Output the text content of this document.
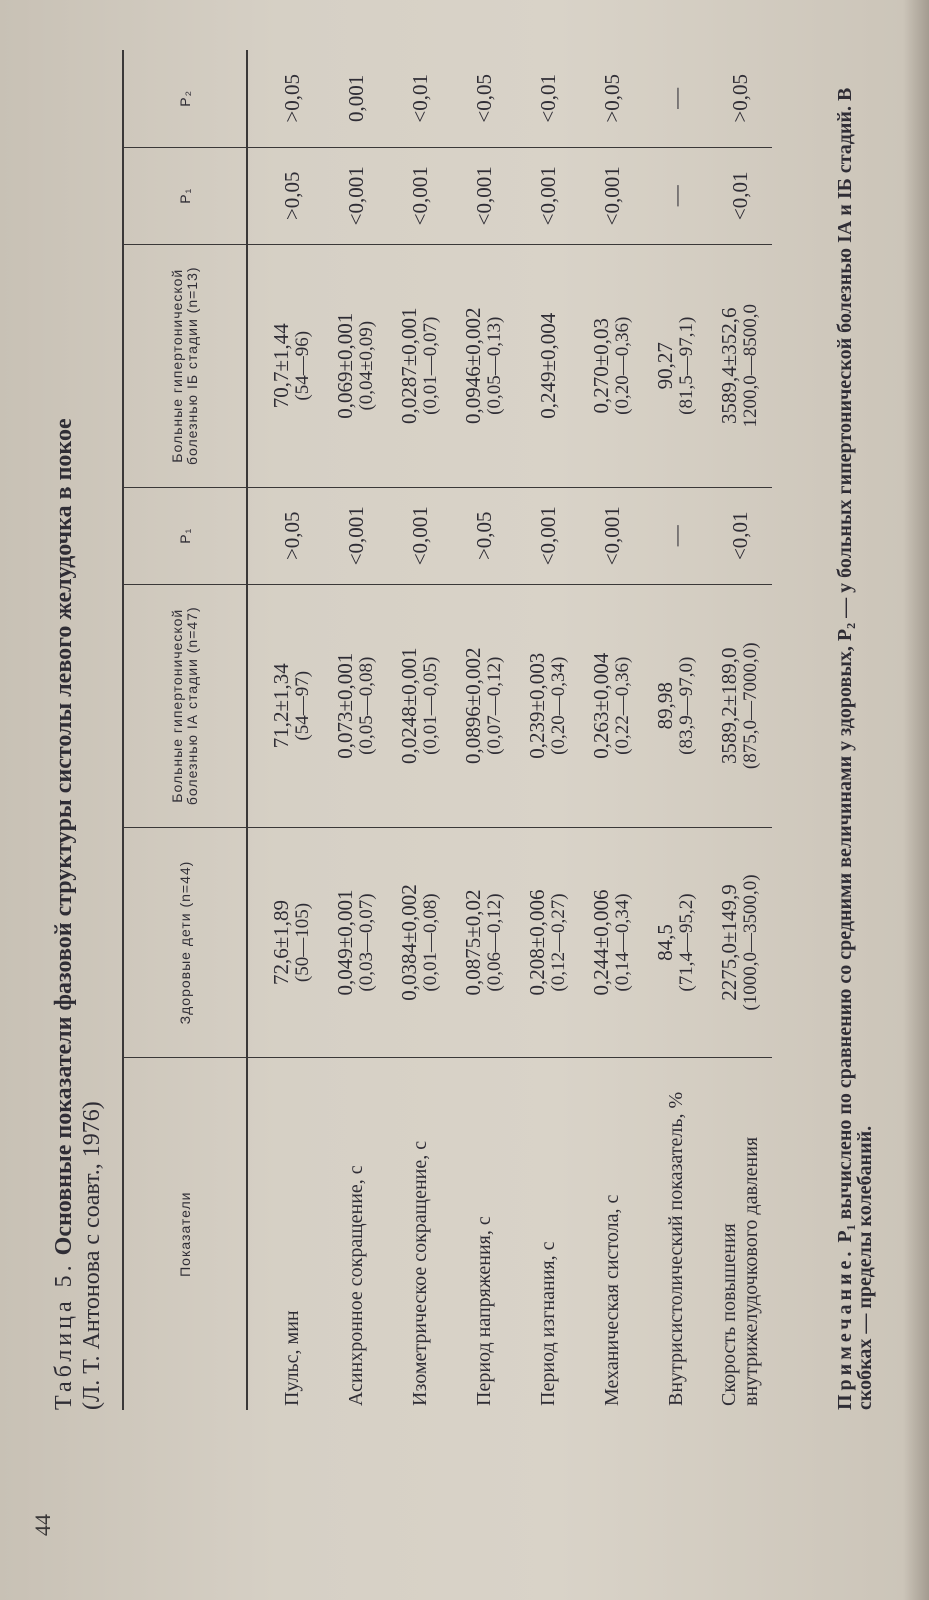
44
Таблица 5. Основные показатели фазовой структуры систолы левого желудочка в покое
(Л. Т. Антонова с соавт., 1976)	Показатели	Здоровые дети (n=44)	Больные гипертонической болезнью IА стадии (n=47)	P₁	Больные гипертонической болезнью IБ стадии (n=13)	P₁	P₂
Пульс, мин	72,6±1,89 (50—105)	71,2±1,34 (54—97)	>0,05	70,7±1,44 (54—96)	>0,05	>0,05
Асинхронное сокращение, с	0,049±0,001 (0,03—0,07)	0,073±0,001 (0,05—0,08)	<0,001	0,069±0,001 (0,04±0,09)	<0,001	0,001
Изометрическое сокращение, с	0,0384±0,002 (0,01—0,08)	0,0248±0,001 (0,01—0,05)	<0,001	0,0287±0,001 (0,01—0,07)	<0,001	<0,01
Период напряжения, с	0,0875±0,02 (0,06—0,12)	0,0896±0,002 (0,07—0,12)	>0,05	0,0946±0,002 (0,05—0,13)	<0,001	<0,05
Период изгнания, с	0,208±0,006 (0,12—0,27)	0,239±0,003 (0,20—0,34)	<0,001	0,249±0,004	<0,001	<0,01
Механическая систола, с	0,244±0,006 (0,14—0,34)	0,263±0,004 (0,22—0,36)	<0,001	0,270±0,03 (0,20—0,36)	<0,001	>0,05
Внутрисистолический показатель, %	84,5 (71,4—95,2)	89,98 (83,9—97,0)	—	90,27 (81,5—97,1)	—	—
Скорость повышения внутрижелудочкового давления	2275,0±149,9 (1000,0—3500,0)	3589,2±189,0 (875,0—7000,0)	<0,01	3589,4±352,6 1200,0—8500,0	<0,01	>0,05
Примечание. P₁ вычислено по сравнению со средними величинами у здоровых, P₂ — у больных гипертонической болезнью IА и IБ стадий. В скобках — пределы колебаний.
